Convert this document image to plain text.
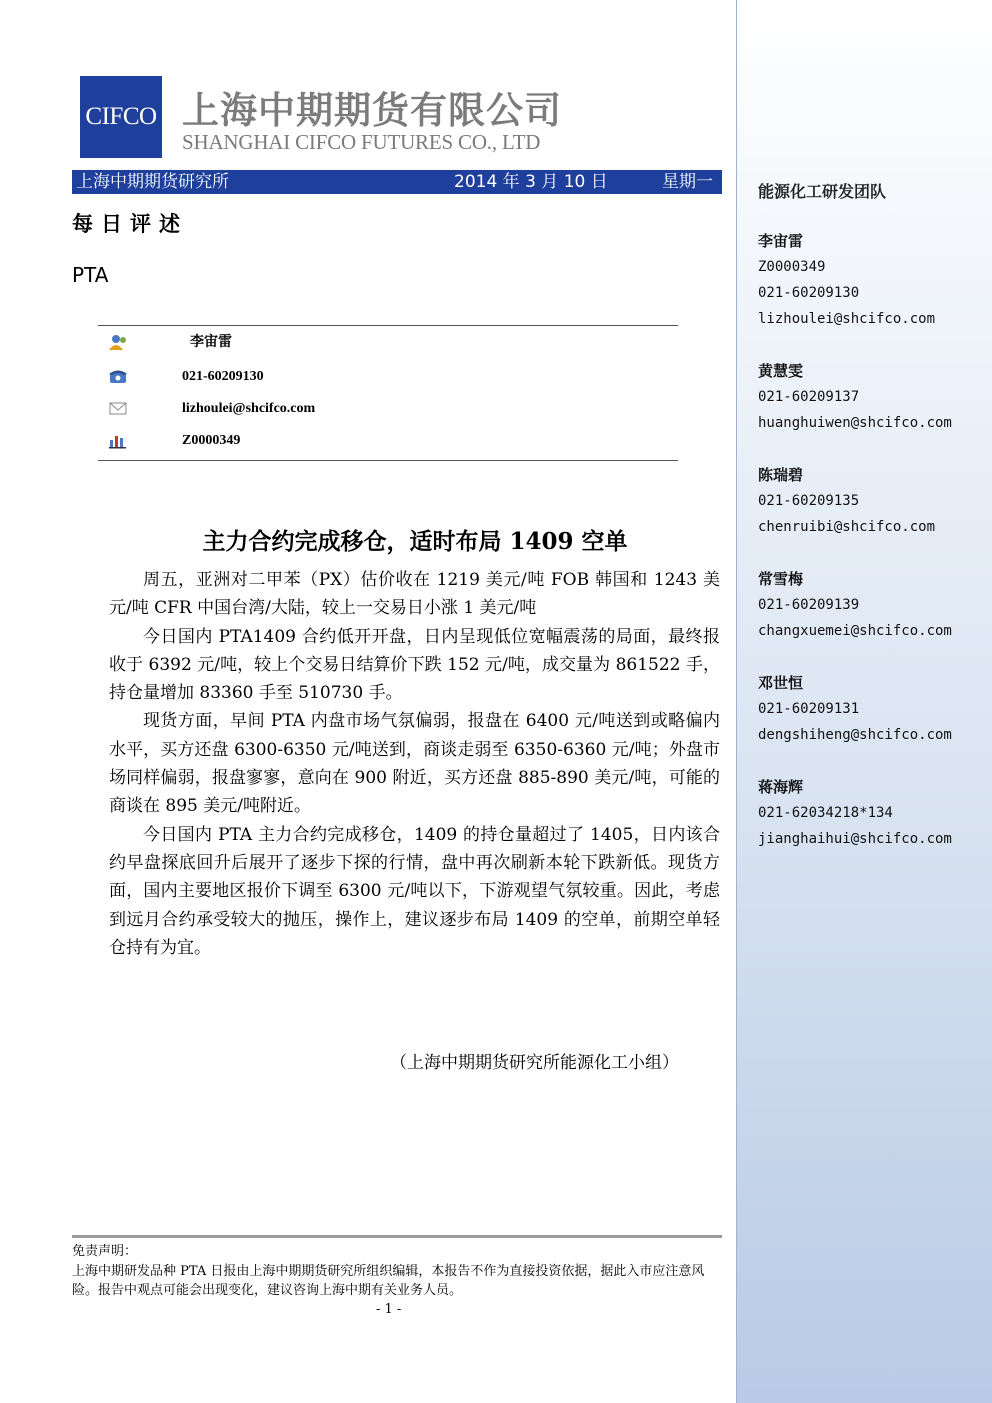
CIFCO 上海中期期货有限公司
SHANGHAI CIFCO FUTURES CO., LTD
上海中期期货研究所	2014 年 3 月 10 日	星期一
每日评述
PTA
李宙雷
021-60209130
lizhoulei@shcifco.com
Z0000349
主力合约完成移仓，适时布局 1409 空单

周五，亚洲对二甲苯（PX）估价收在 1219 美元/吨 FOB 韩国和 1243 美元/吨 CFR 中国台湾/大陆，较上一交易日小涨 1 美元/吨

今日国内 PTA1409 合约低开开盘，日内呈现低位宽幅震荡的局面，最终报收于 6392 元/吨，较上个交易日结算价下跌 152 元/吨，成交量为 861522 手，持仓量增加 83360 手至 510730 手。

现货方面，早间 PTA 内盘市场气氛偏弱，报盘在 6400 元/吨送到或略偏内水平，买方还盘 6300-6350 元/吨送到，商谈走弱至 6350-6360 元/吨；外盘市场同样偏弱，报盘寥寥，意向在 900 附近，买方还盘 885-890 美元/吨，可能的商谈在 895 美元/吨附近。

今日国内 PTA 主力合约完成移仓，1409 的持仓量超过了 1405，日内该合约早盘探底回升后展开了逐步下探的行情，盘中再次刷新本轮下跌新低。现货方面，国内主要地区报价下调至 6300 元/吨以下，下游观望气氛较重。因此，考虑到远月合约承受较大的抛压，操作上，建议逐步布局 1409 的空单，前期空单轻仓持有为宜。

（上海中期期货研究所能源化工小组）
免责声明：
上海中期研发品种 PTA 日报由上海中期期货研究所组织编辑，本报告不作为直接投资依据，据此入市应注意风险。报告中观点可能会出现变化，建议咨询上海中期有关业务人员。
- 1 -
能源化工研发团队
李宙雷
Z0000349
021-60209130
lizhoulei@shcifco.com
黄慧雯
021-60209137
huanghuiwen@shcifco.com
陈瑞碧
021-60209135
chenruibi@shcifco.com
常雪梅
021-60209139
changxuemei@shcifco.com
邓世恒
021-60209131
dengshiheng@shcifco.com
蒋海辉
021-62034218*134
jianghaihui@shcifco.com
